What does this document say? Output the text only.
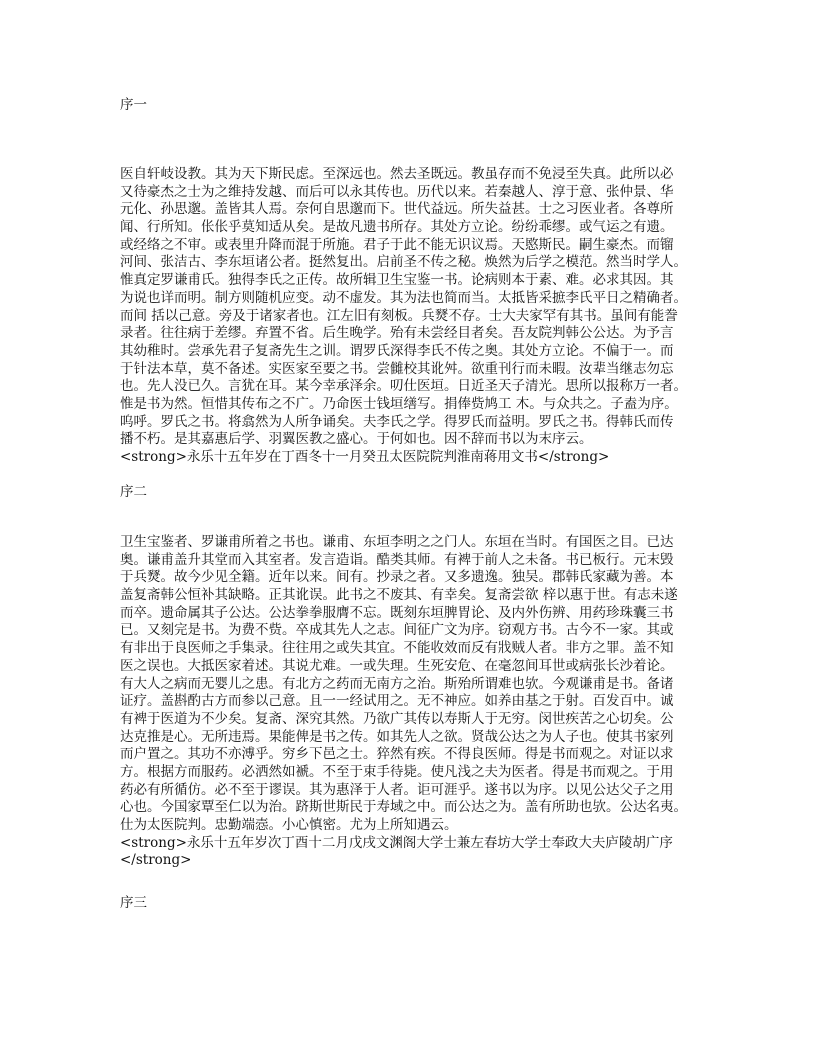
序一
医自轩岐设教。其为天下斯民虑。至深远也。然去圣既远。教虽存而不免浸至失真。此所以必
又待豪杰之士为之维持发越、而后可以永其传也。历代以来。若秦越人、淳于意、张仲景、华
元化、孙思邈。盖皆其人焉。奈何自思邈而下。世代益远。所失益甚。士之习医业者。各尊所
闻、行所知。伥伥乎莫知适从矣。是故凡遗书所存。其处方立论。纷纷乖缪。或气运之有遗。
或经络之不审。或表里升降而混于所施。君子于此不能无识议焉。天愍斯民。嗣生豪杰。而镏
河间、张洁古、李东垣诸公者。挺然复出。启前圣不传之秘。焕然为后学之模范。然当时学人。
惟真定罗谦甫氏。独得李氏之正传。故所辑卫生宝鉴一书。论病则本于素、难。必求其因。其
为说也详而明。制方则随机应变。动不虚发。其为法也简而当。太抵皆采摭李氏平日之精确者。
而间 括以己意。旁及于诸家者也。江左旧有刻板。兵燹不存。士大夫家罕有其书。虽间有能誊
录者。往往病于差缪。弃置不省。后生晚学。殆有未尝经目者矣。吾友院判韩公公达。为予言
其幼稚时。尝承先君子复斋先生之训。谓罗氏深得李氏不传之奥。其处方立论。不偏于一。而
于针法本草，莫不备述。实医家至要之书。尝雠校其讹舛。欲重刊行而未暇。汝辈当继志勿忘
也。先人没已久。言犹在耳。某今幸承泽余。叨仕医垣。日近圣天子清光。思所以报称万一者。
惟是书为然。恒惜其传布之不广。乃命医士钱垣缮写。捐俸赀鸠工 木。与众共之。子盍为序。
呜呼。罗氏之书。将翕然为人所争诵矣。夫李氏之学。得罗氏而益明。罗氏之书。得韩氏而传
播不朽。是其嘉惠后学、羽翼医教之盛心。于何如也。因不辞而书以为末序云。
<strong>永乐十五年岁在丁酉冬十一月癸丑太医院院判淮南蒋用文书</strong>
序二
卫生宝鉴者、罗谦甫所着之书也。谦甫、东垣李明之之门人。东垣在当时。有国医之目。已达
奥。谦甫盖升其堂而入其室者。发言造诣。酷类其师。有裨于前人之未备。书已板行。元末毁
于兵燹。故今少见全籍。近年以来。间有。抄录之者。又多遗逸。独吴。郡韩氏家藏为善。本
盖复斋韩公恒补其缺略。正其讹误。此书之不废其、有幸矣。复斋尝欲 梓以惠于世。有志未遂
而卒。遗命属其子公达。公达拳拳服膺不忘。既刻东垣脾胃论、及内外伤辨、用药珍珠囊三书
已。又刻完是书。为费不赀。卒成其先人之志。间征广文为序。窃观方书。古今不一家。其或
有非出于良医师之手集录。往往用之或失其宜。不能收效而反有戕贼人者。非方之罪。盖不知
医之误也。大抵医家着述。其说尤难。一或失理。生死安危、在毫忽间耳世或病张长沙着论。
有大人之病而无婴儿之患。有北方之药而无南方之治。斯殆所谓难也欤。今观谦甫是书。备诸
证疗。盖斟酌古方而参以己意。且一一经试用之。无不神应。如养由基之于射。百发百中。诚
有裨于医道为不少矣。复斋、深究其然。乃欲广其传以寿斯人于无穷。闵世疾苦之心切矣。公
达克推是心。无所违焉。果能俾是书之传。如其先人之欲。贤哉公达之为人子也。使其书家列
而户置之。其功不亦溥乎。穷乡下邑之士。猝然有疾。不得良医师。得是书而观之。对证以求
方。根据方而服药。必洒然如褫。不至于束手待毙。使凡浅之夫为医者。得是书而观之。于用
药必有所循仿。必不至于谬误。其为惠泽于人者。讵可涯乎。遂书以为序。以见公达父子之用
心也。今国家覃至仁以为治。跻斯世斯民于寿域之中。而公达之为。盖有所助也欤。公达名夷。
仕为太医院判。忠勤端悫。小心慎密。尤为上所知遇云。
<strong>永乐十五年岁次丁酉十二月戊戌文渊阁大学士兼左春坊大学士奉政大夫庐陵胡广序
</strong>
序三
